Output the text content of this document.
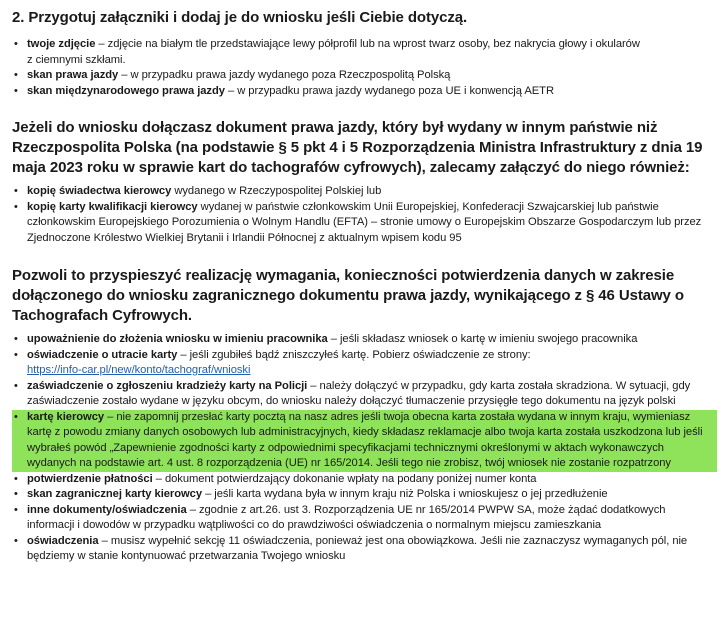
2. Przygotuj załączniki i dodaj je do wniosku jeśli Ciebie dotyczą.
• twoje zdjęcie – zdjęcie na białym tle przedstawiające lewy półprofil lub na wprost twarz osoby, bez nakrycia głowy i okularów
z ciemnymi szkłami.
• skan prawa jazdy – w przypadku prawa jazdy wydanego poza Rzeczpospolitą Polską
• skan międzynarodowego prawa jazdy – w przypadku prawa jazdy wydanego poza UE i konwencją AETR
Jeżeli do wniosku dołączasz dokument prawa jazdy, który był wydany w innym państwie niż Rzeczpospolita Polska (na podstawie § 5 pkt 4 i 5 Rozporządzenia Ministra Infrastruktury z dnia 19 maja 2023 roku w sprawie kart do tachografów cyfrowych), zalecamy załączyć do niego również:
• kopię świadectwa kierowcy wydanego w Rzeczypospolitej Polskiej lub
• kopię karty kwalifikacji kierowcy wydanej w państwie członkowskim Unii Europejskiej, Konfederacji Szwajcarskiej lub państwie członkowskim Europejskiego Porozumienia o Wolnym Handlu (EFTA) – stronie umowy o Europejskim Obszarze Gospodarczym lub przez Zjednoczone Królestwo Wielkiej Brytanii i Irlandii Północnej z aktualnym wpisem kodu 95
Pozwoli to przyspieszyć realizację wymagania, konieczności potwierdzenia danych w zakresie dołączonego do wniosku zagranicznego dokumentu prawa jazdy, wynikającego z § 46 Ustawy o Tachografach Cyfrowych.
• upoważnienie do złożenia wniosku w imieniu pracownika – jeśli składasz wniosek o kartę w imieniu swojego pracownika
• oświadczenie o utracie karty – jeśli zgubiłeś bądź zniszczyłeś kartę. Pobierz oświadczenie ze strony:
https://info-car.pl/new/konto/tachograf/wnioski
• zaświadczenie o zgłoszeniu kradzieży karty na Policji – należy dołączyć w przypadku, gdy karta została skradziona. W sytuacji, gdy zaświadczenie zostało wydane w języku obcym, do wniosku należy dołączyć tłumaczenie przysięgłe tego dokumentu na język polski
• kartę kierowcy – nie zapomnij przesłać karty pocztą na nasz adres jeśli twoja obecna karta została wydana w innym kraju, wymieniasz kartę z powodu zmiany danych osobowych lub administracyjnych, kiedy składasz reklamacje albo twoja karta została uszkodzona lub jeśli wybrałeś powód „Zapewnienie zgodności karty z odpowiednimi specyfikacjami technicznymi określonymi w aktach wykonawczych wydanych na podstawie art. 4 ust. 8 rozporządzenia (UE) nr 165/2014. Jeśli tego nie zrobisz, twój wniosek nie zostanie rozpatrzony
• potwierdzenie płatności – dokument potwierdzający dokonanie wpłaty na podany poniżej numer konta
• skan zagranicznej karty kierowcy – jeśli karta wydana była w innym kraju niż Polska i wnioskujesz o jej przedłużenie
• inne dokumenty/oświadczenia – zgodnie z art.26. ust 3. Rozporządzenia UE nr 165/2014 PWPW SA, może żądać dodatkowych informacji i dowodów w przypadku wątpliwości co do prawdziwości oświadczenia o normalnym miejscu zamieszkania
• oświadczenia – musisz wypełnić sekcję 11 oświadczenia, ponieważ jest ona obowiązkowa. Jeśli nie zaznaczysz wymaganych pól, nie będziemy w stanie kontynuować przetwarzania Twojego wniosku
